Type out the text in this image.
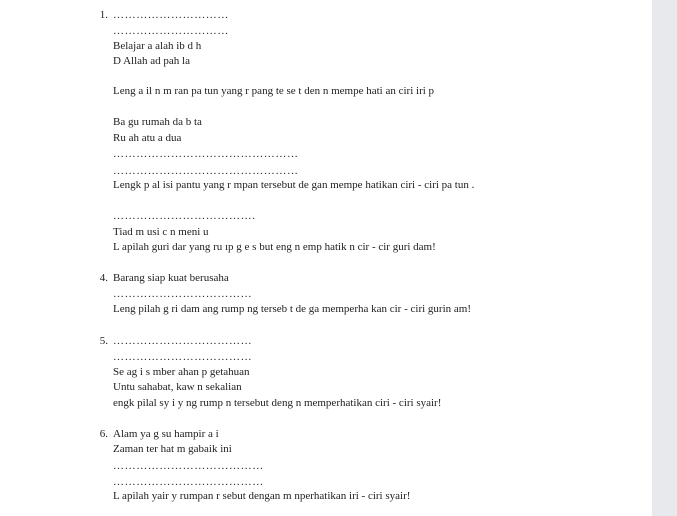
1. …………………………
…………………………
Belajar a alah ib d h
D Allah ad pah la
Leng a il n m ran pa tun yang r pang te se t den n mempe hati an ciri iri p
Ba gu rumah da b ta
Ru ah atu a dua
…………………………………………
…………………………………………
Lengk p al isi pantu yang r mpan tersebut de gan mempe hatikan ciri - ciri pa tun .
……………………………….
Tiad m usi c n meni u
L apilah guri dar yang ru ıp g e s but eng n emp hatik n cir - cir guri dam!
4. Barang siap kuat berusaha
………………………………
Leng pilah g ri dam ang rump ng terseb t de ga memperha kan cir - ciri gurin am!
5. ………………………………
………………………………
Se ag i s mber ahan p getahuan
Untu sahabat, kaw n sekalian
engk pilal sy i y ng rump n tersebut deng n memperhatikan ciri - ciri syair!
6. Alam ya g su hampir a i
Zaman ter hat m gabaik ini
…………………………………
…………………………………
L apilah yair y rumpan r sebut dengan m nperhatikan iri - ciri syair!
